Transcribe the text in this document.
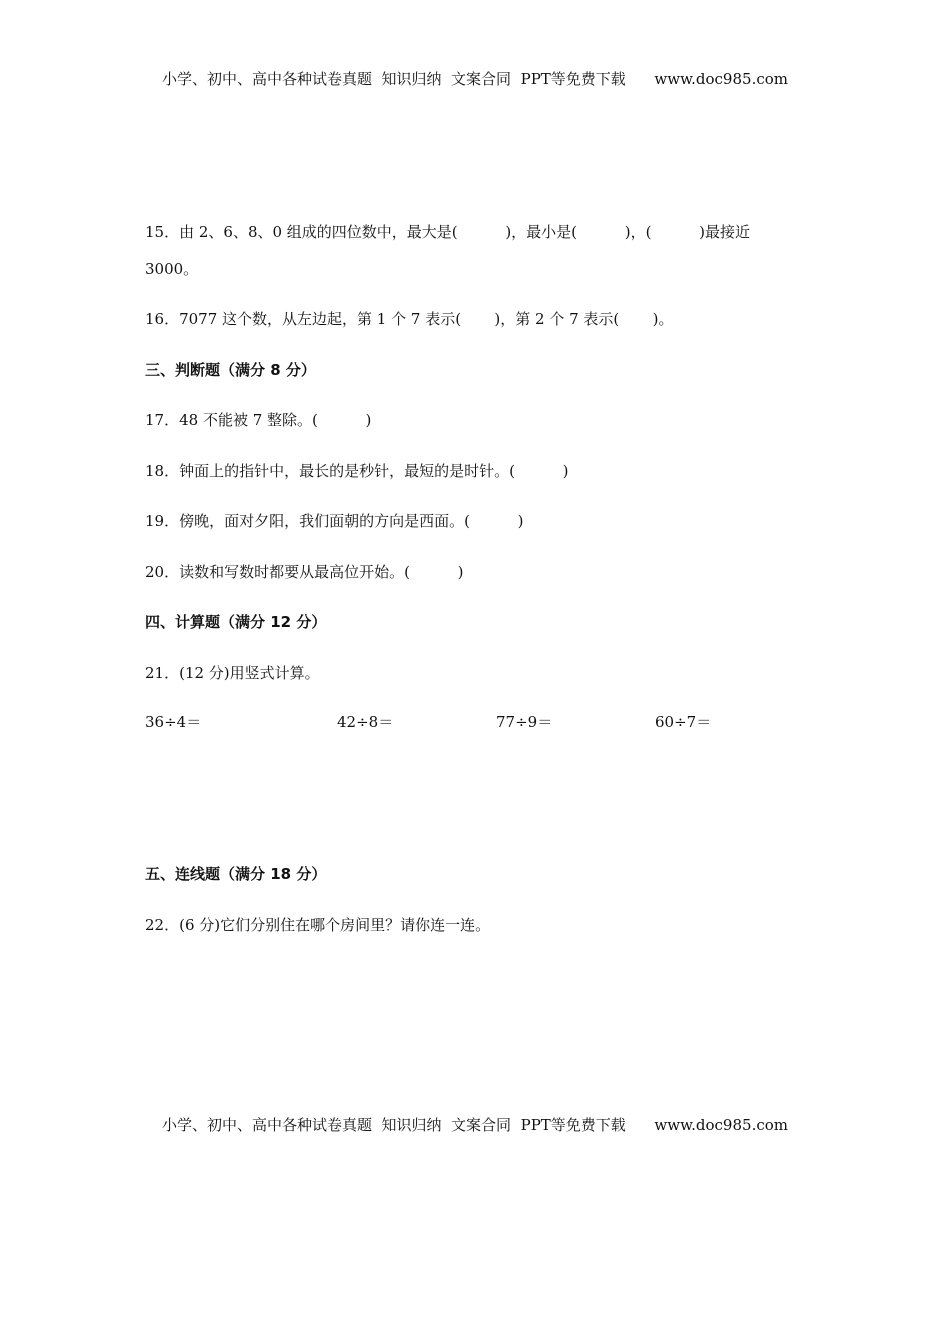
小学、初中、高中各种试卷真题  知识归纳  文案合同  PPT等免费下载      www.doc985.com
15．由 2、6、8、0 组成的四位数中，最大是(          )，最小是(          )，(          )最接近
3000。
16．7077 这个数，从左边起，第 1 个 7 表示(       )，第 2 个 7 表示(       )。
三、判断题（满分 8 分）
17．48 不能被 7 整除。(          )
18．钟面上的指针中，最长的是秒针，最短的是时针。(          )
19．傍晚，面对夕阳，我们面朝的方向是西面。(          )
20．读数和写数时都要从最高位开始。(          )
四、计算题（满分 12 分）
21．(12 分)用竖式计算。
36÷4＝	42÷8＝	77÷9＝	60÷7＝
五、连线题（满分 18 分）
22．(6 分)它们分别住在哪个房间里？请你连一连。
小学、初中、高中各种试卷真题  知识归纳  文案合同  PPT等免费下载      www.doc985.com
